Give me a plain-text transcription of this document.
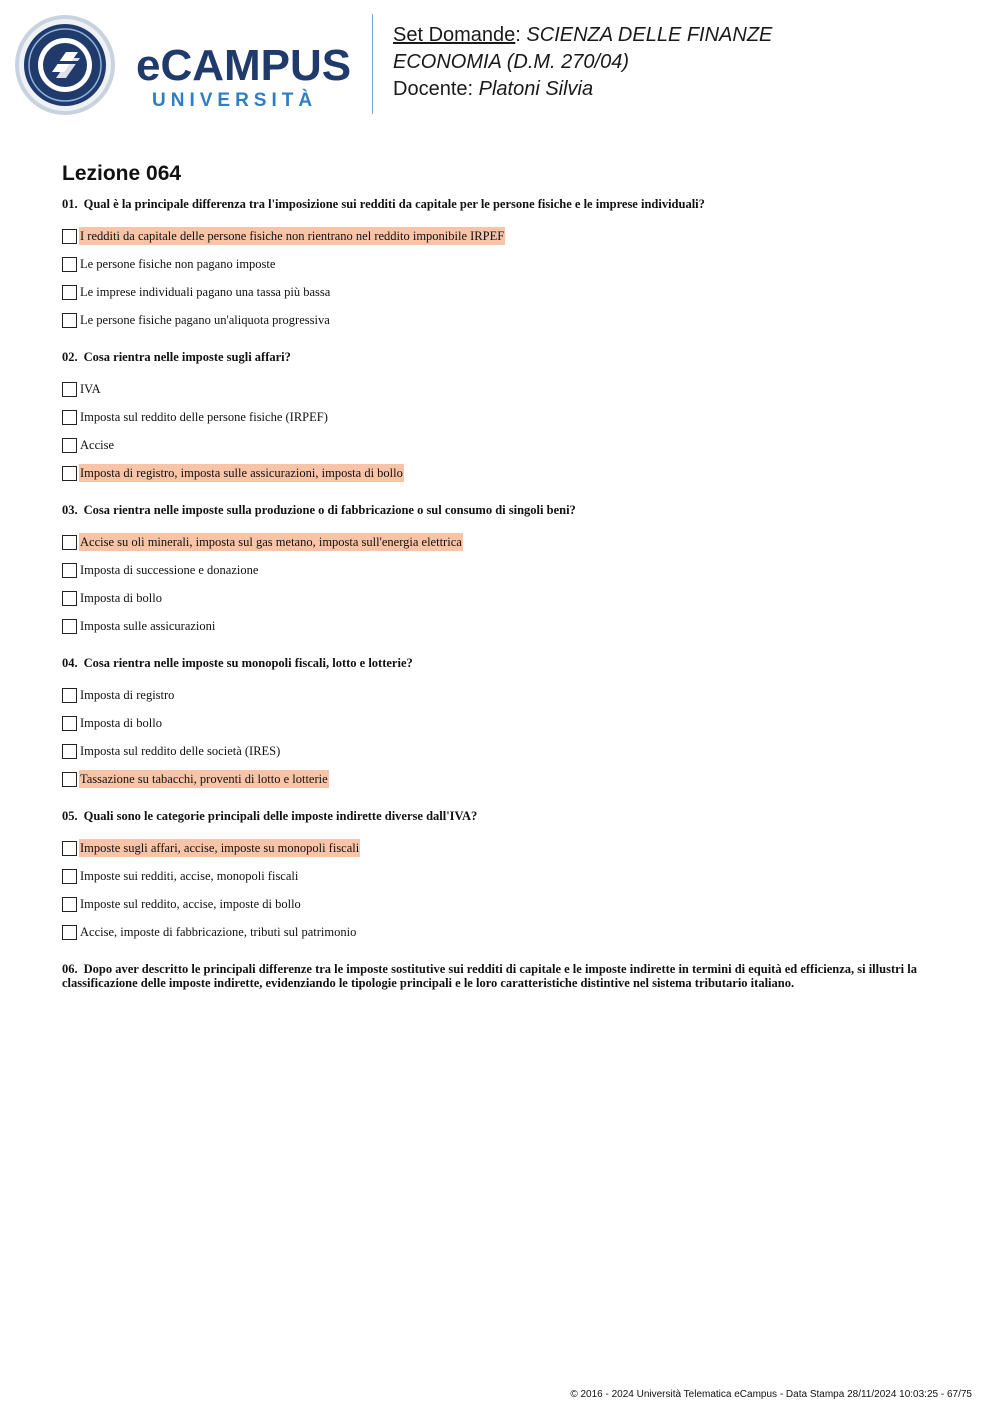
eCAMPUS
UNIVERSITÀ
Set Domande: SCIENZA DELLE FINANZE
ECONOMIA (D.M. 270/04)
Docente: Platoni Silvia
Lezione 064
01. Qual è la principale differenza tra l'imposizione sui redditi da capitale per le persone fisiche e le imprese individuali?
I redditi da capitale delle persone fisiche non rientrano nel reddito imponibile IRPEF
Le persone fisiche non pagano imposte
Le imprese individuali pagano una tassa più bassa
Le persone fisiche pagano un'aliquota progressiva
02. Cosa rientra nelle imposte sugli affari?
IVA
Imposta sul reddito delle persone fisiche (IRPEF)
Accise
Imposta di registro, imposta sulle assicurazioni, imposta di bollo
03. Cosa rientra nelle imposte sulla produzione o di fabbricazione o sul consumo di singoli beni?
Accise su oli minerali, imposta sul gas metano, imposta sull'energia elettrica
Imposta di successione e donazione
Imposta di bollo
Imposta sulle assicurazioni
04. Cosa rientra nelle imposte su monopoli fiscali, lotto e lotterie?
Imposta di registro
Imposta di bollo
Imposta sul reddito delle società (IRES)
Tassazione su tabacchi, proventi di lotto e lotterie
05. Quali sono le categorie principali delle imposte indirette diverse dall'IVA?
Imposte sugli affari, accise, imposte su monopoli fiscali
Imposte sui redditi, accise, monopoli fiscali
Imposte sul reddito, accise, imposte di bollo
Accise, imposte di fabbricazione, tributi sul patrimonio
06. Dopo aver descritto le principali differenze tra le imposte sostitutive sui redditi di capitale e le imposte indirette in termini di equità ed efficienza, si illustri la classificazione delle imposte indirette, evidenziando le tipologie principali e le loro caratteristiche distintive nel sistema tributario italiano.
© 2016 - 2024 Università Telematica eCampus - Data Stampa 28/11/2024 10:03:25 - 67/75
